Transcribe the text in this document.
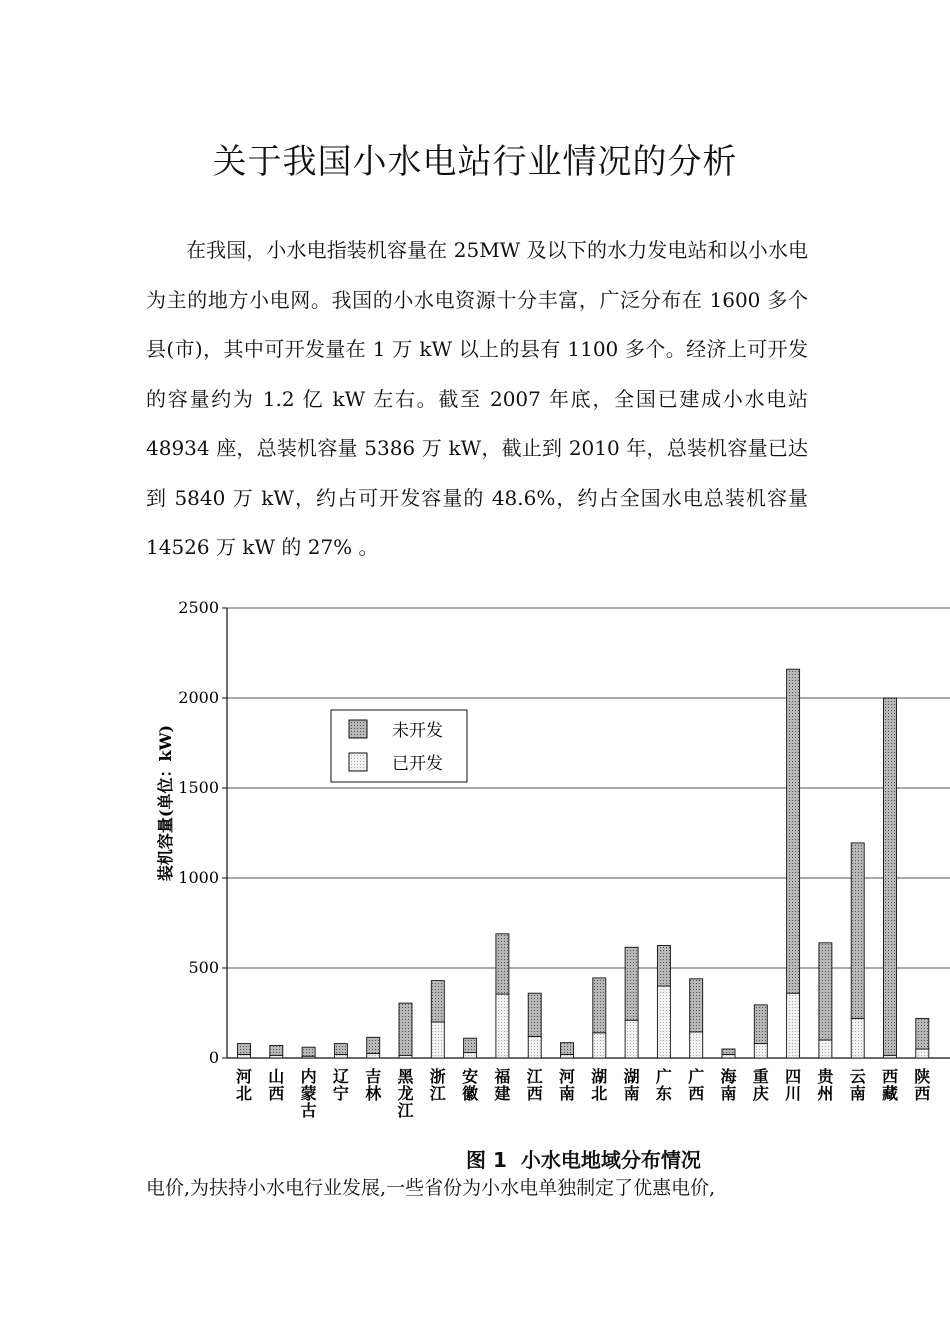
关于我国小水电站行业情况的分析

在我国，小水电指装机容量在 25MW 及以下的水力发电站和以小水电为主的地方小电网。我国的小水电资源十分丰富，广泛分布在 1600 多个县(市)，其中可开发量在 1 万 kW 以上的县有 1100 多个。经济上可开发的容量约为 1.2 亿 kW 左右。截至 2007 年底，全国已建成小水电站 48934 座，总装机容量 5386 万 kW，截止到 2010 年，总装机容量已达到 5840 万 kW，约占可开发容量的 48.6%，约占全国水电总装机容量 14526 万 kW 的 27% 。

0
500
1000
1500
2000
2500
河北
山西
内蒙古
辽宁
吉林
黑龙江
浙江
安徽
福建
江西
河南
湖北
湖南
广东
广西
海南
重庆
四川
贵州
云南
西藏
陕西
装机容量(单位：kW)	未开发
已开发
图 1 小水电地域分布情况
电价,为扶持小水电行业发展,一些省份为小水电单独制定了优惠电价,
